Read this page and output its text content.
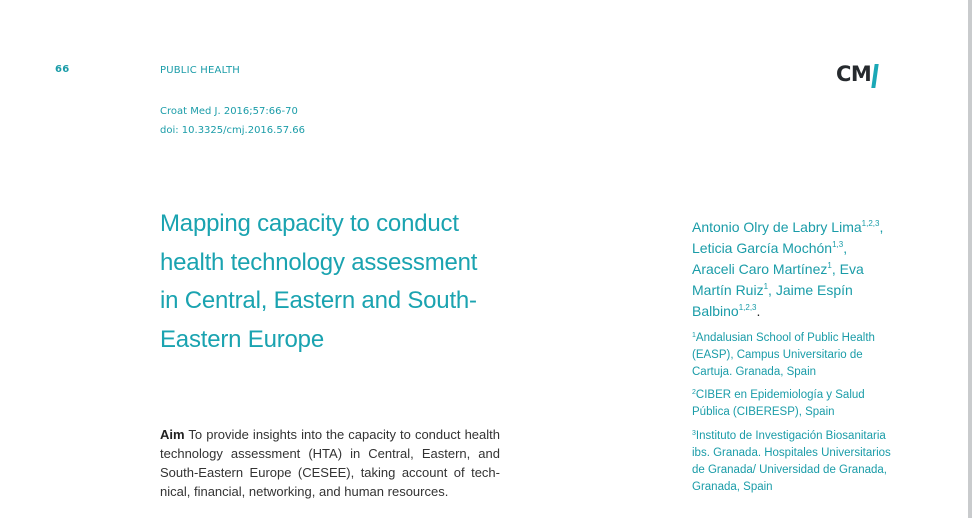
66	PUBLIC HEALTH	CM
Croat Med J. 2016;57:66-70
doi: 10.3325/cmj.2016.57.66
Mapping capacity to conduct
health technology assessment
in Central, Eastern and South-
Eastern Europe
Aim To provide insights into the capacity to conduct health technology assessment (HTA) in Central, Eastern, and South-Eastern Europe (CESEE), taking account of tech-nical, financial, networking, and human resources.
Antonio Olry de Labry Lima$^{1,2,3}$, Leticia García Mochón$^{1,3}$, Araceli Caro Martínez$^1$, Eva Martín Ruiz$^1$, Jaime Espín Balbino$^{1,2,3}$.
$^1$Andalusian School of Public Health (EASP), Campus Universitario de Cartuja. Granada, Spain
$^2$CIBER en Epidemiología y Salud Pública (CIBERESP), Spain
$^3$Instituto de Investigación Biosanitaria ibs. Granada. Hospitales Universitarios de Granada/ Universidad de Granada, Granada, Spain
